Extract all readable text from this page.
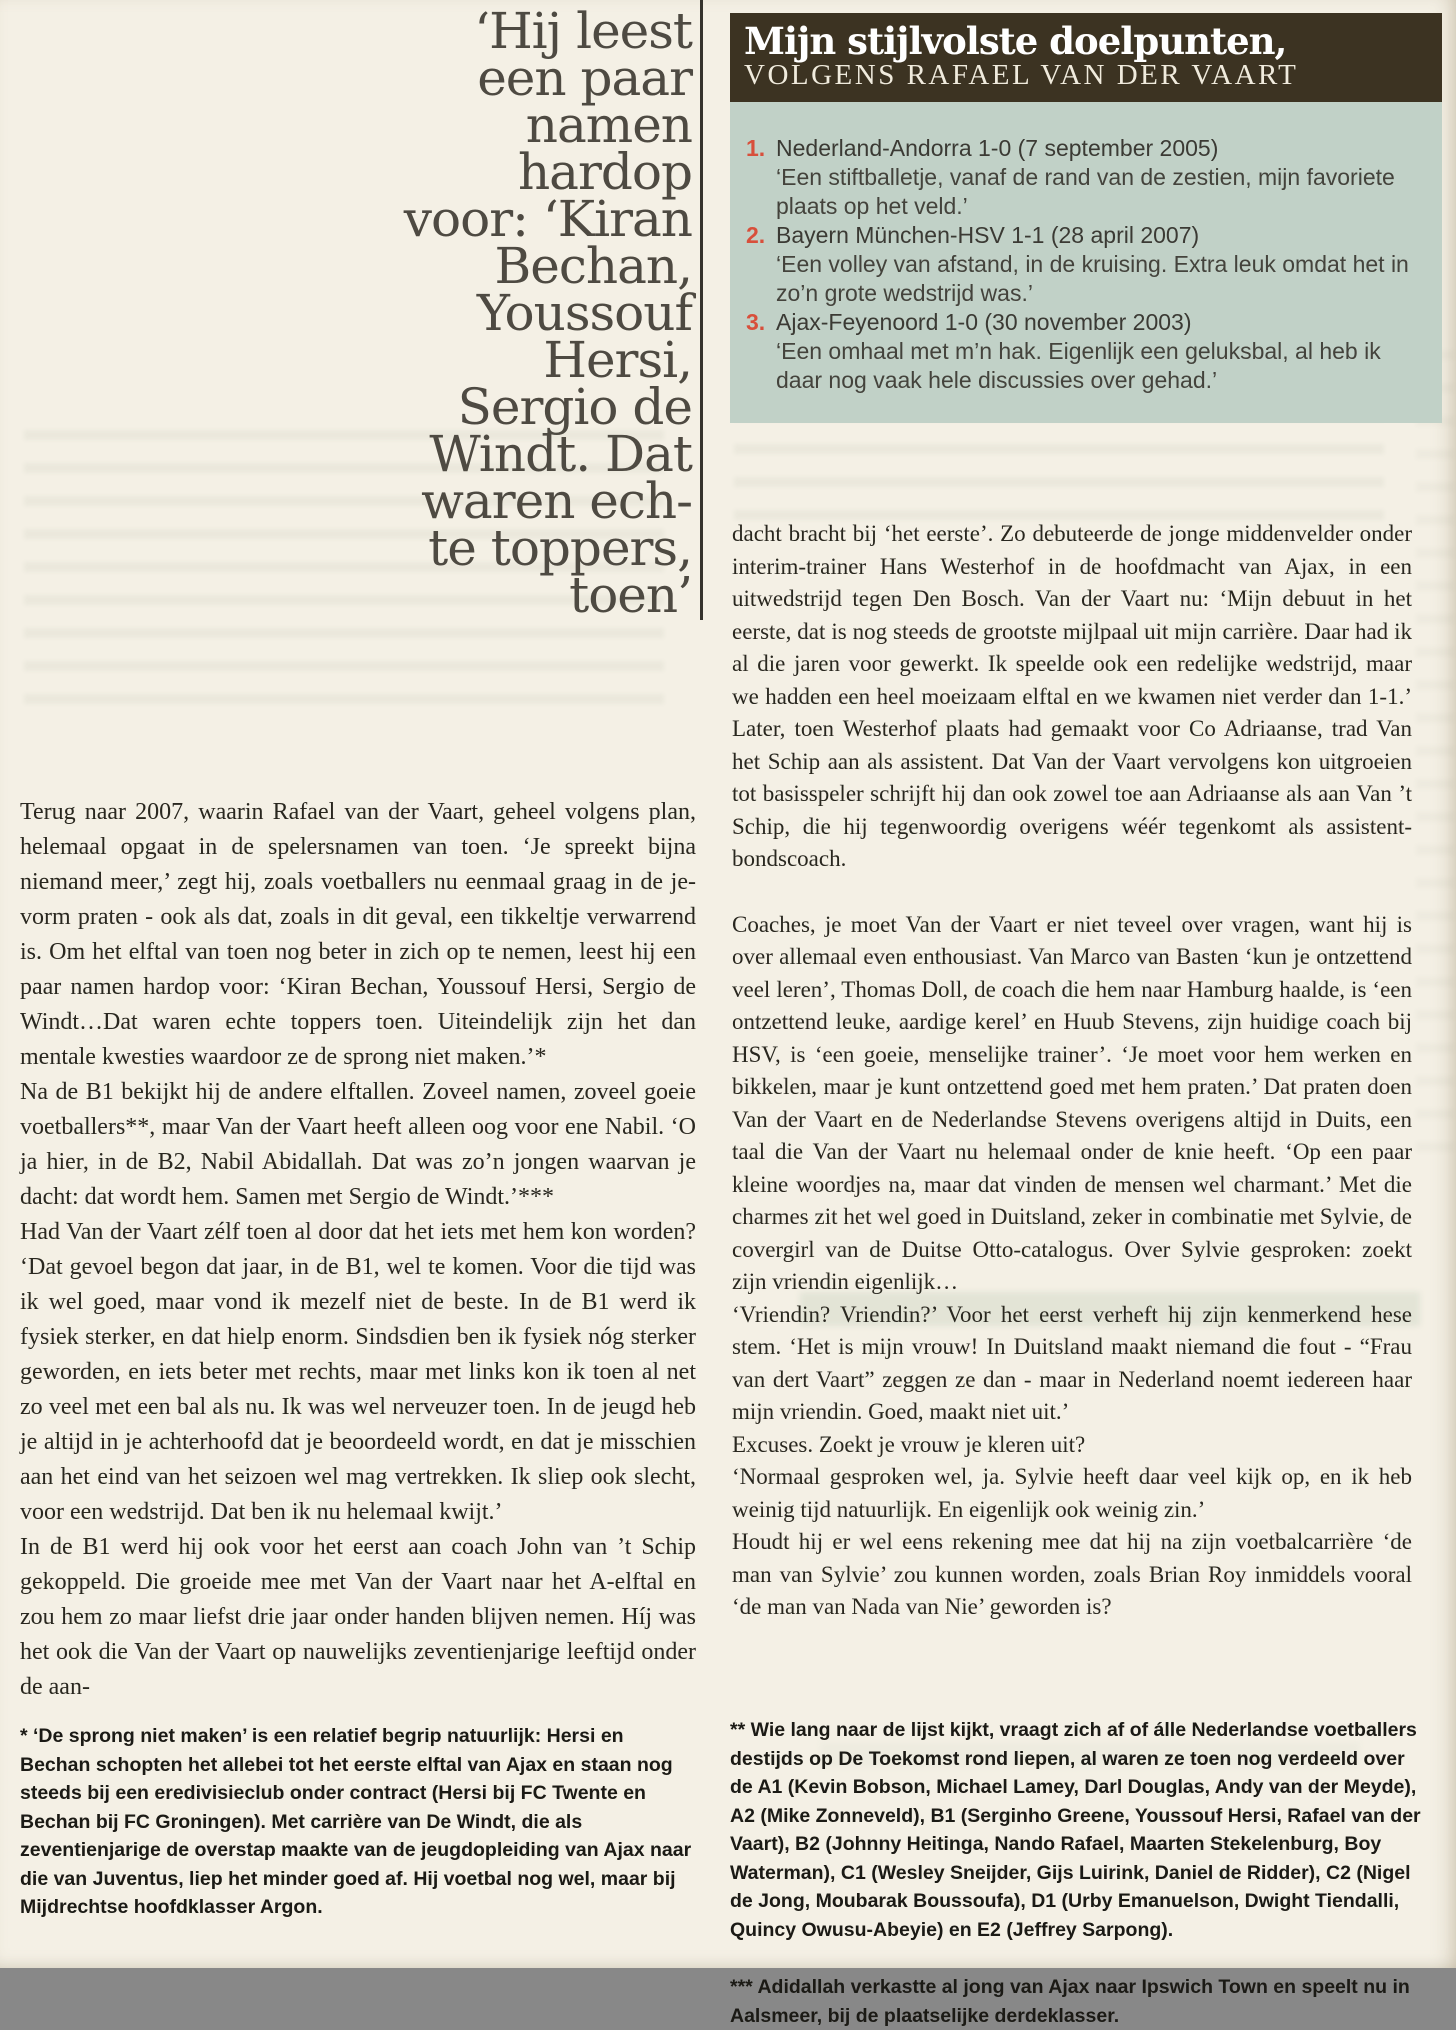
‘Hij leest
een paar
namen
hardop
voor: ‘Kiran
Bechan,
Youssouf
Hersi,
Sergio de
Windt. Dat
waren ech-
te toppers,
toen’
Mijn stijlvolste doelpunten,
VOLGENS RAFAEL VAN DER VAART
1. Nederland-Andorra 1-0 (7 september 2005)
‘Een stiftballetje, vanaf de rand van de zestien, mijn favoriete plaats op het veld.’
2. Bayern München-HSV 1-1 (28 april 2007)
‘Een volley van afstand, in de kruising. Extra leuk omdat het in zo’n grote wedstrijd was.’
3. Ajax-Feyenoord 1-0 (30 november 2003)
‘Een omhaal met m’n hak. Eigenlijk een geluksbal, al heb ik daar nog vaak hele discussies over gehad.’

Terug naar 2007, waarin Rafael van der Vaart, geheel volgens plan, helemaal opgaat in de spelersnamen van toen. ‘Je spreekt bijna niemand meer,’ zegt hij, zoals voetballers nu eenmaal graag in de je-vorm praten - ook als dat, zoals in dit geval, een tikkeltje verwarrend is. Om het elftal van toen nog beter in zich op te nemen, leest hij een paar namen hardop voor: ‘Kiran Bechan, Youssouf Hersi, Sergio de Windt…Dat waren echte toppers toen. Uiteindelijk zijn het dan mentale kwesties waardoor ze de sprong niet maken.’*

Na de B1 bekijkt hij de andere elftallen. Zoveel namen, zoveel goeie voetballers**, maar Van der Vaart heeft alleen oog voor ene Nabil. ‘O ja hier, in de B2, Nabil Abidallah. Dat was zo’n jongen waarvan je dacht: dat wordt hem. Samen met Sergio de Windt.’***

Had Van der Vaart zélf toen al door dat het iets met hem kon worden? ‘Dat gevoel begon dat jaar, in de B1, wel te komen. Voor die tijd was ik wel goed, maar vond ik mezelf niet de beste. In de B1 werd ik fysiek sterker, en dat hielp enorm. Sindsdien ben ik fysiek nóg sterker geworden, en iets beter met rechts, maar met links kon ik toen al net zo veel met een bal als nu. Ik was wel nerveuzer toen. In de jeugd heb je altijd in je achterhoofd dat je beoordeeld wordt, en dat je misschien aan het eind van het seizoen wel mag vertrekken. Ik sliep ook slecht, voor een wedstrijd. Dat ben ik nu helemaal kwijt.’

In de B1 werd hij ook voor het eerst aan coach John van ’t Schip gekoppeld. Die groeide mee met Van der Vaart naar het A-elftal en zou hem zo maar liefst drie jaar onder handen blijven nemen. Híj was het ook die Van der Vaart op nauwelijks zeventienjarige leeftijd onder de aan-

dacht bracht bij ‘het eerste’. Zo debuteerde de jonge middenvelder onder interim-trainer Hans Westerhof in de hoofdmacht van Ajax, in een uitwedstrijd tegen Den Bosch. Van der Vaart nu: ‘Mijn debuut in het eerste, dat is nog steeds de grootste mijlpaal uit mijn carrière. Daar had ik al die jaren voor gewerkt. Ik speelde ook een redelijke wedstrijd, maar we hadden een heel moeizaam elftal en we kwamen niet verder dan 1-1.’ Later, toen Westerhof plaats had gemaakt voor Co Adriaanse, trad Van het Schip aan als assistent. Dat Van der Vaart vervolgens kon uitgroeien tot basisspeler schrijft hij dan ook zowel toe aan Adriaanse als aan Van ’t Schip, die hij tegenwoordig overigens wéér tegenkomt als assistent-bondscoach.

Coaches, je moet Van der Vaart er niet teveel over vragen, want hij is over allemaal even enthousiast. Van Marco van Basten ‘kun je ontzettend veel leren’, Thomas Doll, de coach die hem naar Hamburg haalde, is ‘een ontzettend leuke, aardige kerel’ en Huub Stevens, zijn huidige coach bij HSV, is ‘een goeie, menselijke trainer’. ‘Je moet voor hem werken en bikkelen, maar je kunt ontzettend goed met hem praten.’ Dat praten doen Van der Vaart en de Nederlandse Stevens overigens altijd in Duits, een taal die Van der Vaart nu helemaal onder de knie heeft. ‘Op een paar kleine woordjes na, maar dat vinden de mensen wel charmant.’ Met die charmes zit het wel goed in Duitsland, zeker in combinatie met Sylvie, de covergirl van de Duitse Otto-catalogus. Over Sylvie gesproken: zoekt zijn vriendin eigenlijk…

‘Vriendin? Vriendin?’ Voor het eerst verheft hij zijn kenmerkend hese stem. ‘Het is mijn vrouw! In Duitsland maakt niemand die fout - “Frau van dert Vaart” zeggen ze dan - maar in Nederland noemt iedereen haar mijn vriendin. Goed, maakt niet uit.’

Excuses. Zoekt je vrouw je kleren uit?

‘Normaal gesproken wel, ja. Sylvie heeft daar veel kijk op, en ik heb weinig tijd natuurlijk. En eigenlijk ook weinig zin.’

Houdt hij er wel eens rekening mee dat hij na zijn voetbalcarrière ‘de man van Sylvie’ zou kunnen worden, zoals Brian Roy inmiddels vooral ‘de man van Nada van Nie’ geworden is?

* ‘De sprong niet maken’ is een relatief begrip natuurlijk: Hersi en Bechan schopten het allebei tot het eerste elftal van Ajax en staan nog steeds bij een eredivisieclub onder contract (Hersi bij FC Twente en Bechan bij FC Groningen). Met carrière van De Windt, die als zeventienjarige de overstap maakte van de jeugdopleiding van Ajax naar die van Juventus, liep het minder goed af. Hij voetbal nog wel, maar bij Mijdrechtse hoofdklasser Argon.

** Wie lang naar de lijst kijkt, vraagt zich af of álle Nederlandse voetballers destijds op De Toekomst rond liepen, al waren ze toen nog verdeeld over de A1 (Kevin Bobson, Michael Lamey, Darl Douglas, Andy van der Meyde), A2 (Mike Zonneveld), B1 (Serginho Greene, Youssouf Hersi, Rafael van der Vaart), B2 (Johnny Heitinga, Nando Rafael, Maarten Stekelenburg, Boy Waterman), C1 (Wesley Sneijder, Gijs Luirink, Daniel de Ridder), C2 (Nigel de Jong, Moubarak Boussoufa), D1 (Urby Emanuelson, Dwight Tiendalli, Quincy Owusu-Abeyie) en E2 (Jeffrey Sarpong).

*** Adidallah verkastte al jong van Ajax naar Ipswich Town en speelt nu in Aalsmeer, bij de plaatselijke derdeklasser.
